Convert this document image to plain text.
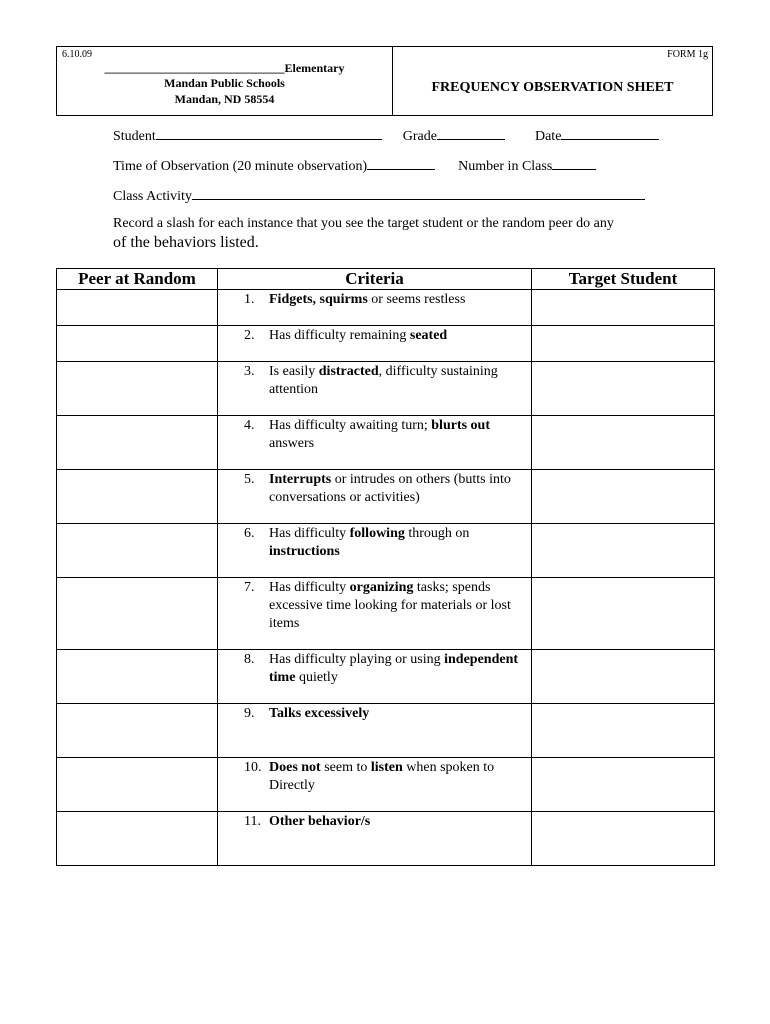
6.10.09
______________________________Elementary
Mandan Public Schools
Mandan, ND 58554
FORM 1g
FREQUENCY OBSERVATION SHEET
Student	Grade	Date
Time of Observation (20 minute observation)	Number in Class
Class Activity
Record a slash for each instance that you see the target student or the random peer do any
of the behaviors listed.
Peer at Random	Criteria	Target Student

	1. Fidgets, squirms or seems restless	

	2. Has difficulty remaining seated	

	3. Is easily distracted, difficulty sustaining attention	

	4. Has difficulty awaiting turn; blurts out answers	

	5. Interrupts or intrudes on others (butts into conversations or activities)	

	6. Has difficulty following through on instructions	

	7. Has difficulty organizing tasks; spends excessive time looking for materials or lost items	

	8. Has difficulty playing or using independent time quietly	

	9. Talks excessively	

	10. Does not seem to listen when spoken to Directly	

	11. Other behavior/s	
